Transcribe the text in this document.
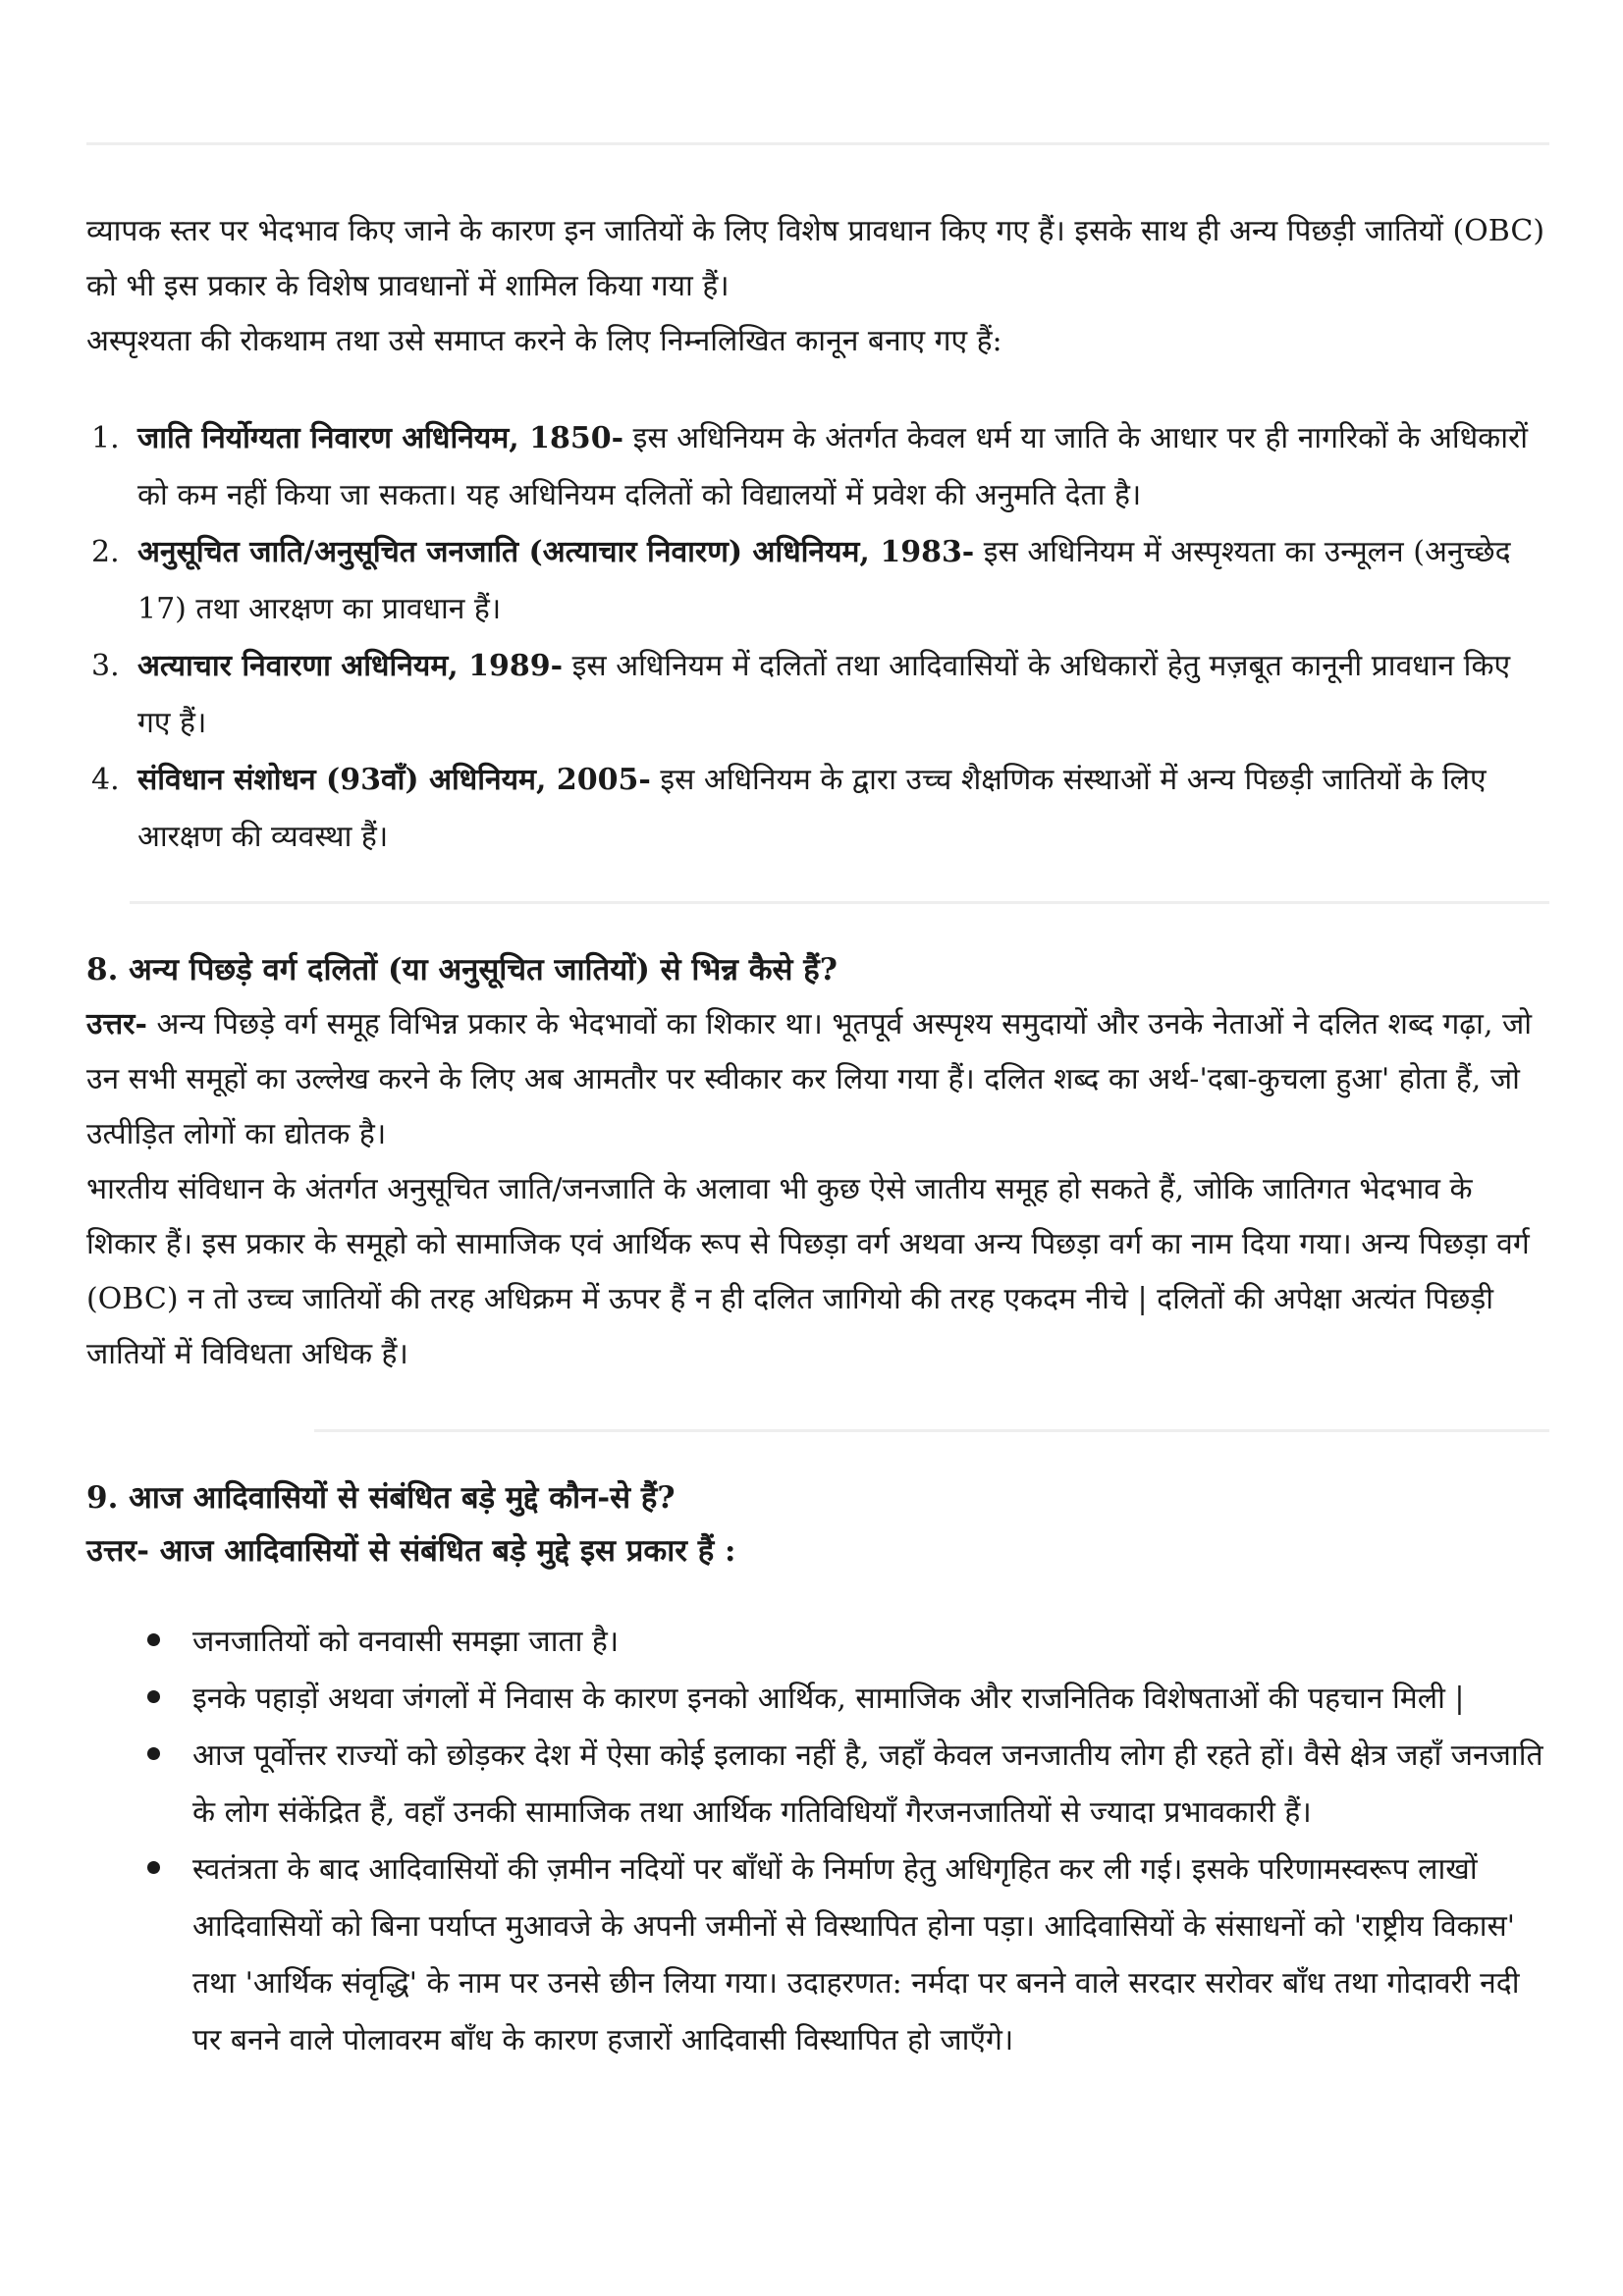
व्यापक स्तर पर भेदभाव किए जाने के कारण इन जातियों के लिए विशेष प्रावधान किए गए हैं। इसके साथ ही अन्य पिछड़ी जातियों (OBC) को भी इस प्रकार के विशेष प्रावधानों में शामिल किया गया हैं।
अस्पृश्यता की रोकथाम तथा उसे समाप्त करने के लिए निम्नलिखित कानून बनाए गए हैं:

1. जाति निर्योग्यता निवारण अधिनियम, 1850- इस अधिनियम के अंतर्गत केवल धर्म या जाति के आधार पर ही नागरिकों के अधिकारों को कम नहीं किया जा सकता। यह अधिनियम दलितों को विद्यालयों में प्रवेश की अनुमति देता है।
2. अनुसूचित जाति/अनुसूचित जनजाति (अत्याचार निवारण) अधिनियम, 1983- इस अधिनियम में अस्पृश्यता का उन्मूलन (अनुच्छेद 17) तथा आरक्षण का प्रावधान हैं।
3. अत्याचार निवारणा अधिनियम, 1989- इस अधिनियम में दलितों तथा आदिवासियों के अधिकारों हेतु मज़बूत कानूनी प्रावधान किए गए हैं।
4. संविधान संशोधन (93वाँ) अधिनियम, 2005- इस अधिनियम के द्वारा उच्च शैक्षणिक संस्थाओं में अन्य पिछड़ी जातियों के लिए आरक्षण की व्यवस्था हैं।

8. अन्य पिछड़े वर्ग दलितों (या अनुसूचित जातियों) से भिन्न कैसे हैं?

उत्तर- अन्य पिछड़े वर्ग समूह विभिन्न प्रकार के भेदभावों का शिकार था। भूतपूर्व अस्पृश्य समुदायों और उनके नेताओं ने दलित शब्द गढ़ा, जो उन सभी समूहों का उल्लेख करने के लिए अब आमतौर पर स्वीकार कर लिया गया हैं। दलित शब्द का अर्थ-'दबा-कुचला हुआ' होता हैं, जो उत्पीड़ित लोगों का द्योतक है।

भारतीय संविधान के अंतर्गत अनुसूचित जाति/जनजाति के अलावा भी कुछ ऐसे जातीय समूह हो सकते हैं, जोकि जातिगत भेदभाव के शिकार हैं। इस प्रकार के समूहो को सामाजिक एवं आर्थिक रूप से पिछड़ा वर्ग अथवा अन्य पिछड़ा वर्ग का नाम दिया गया। अन्य पिछड़ा वर्ग (OBC) न तो उच्च जातियों की तरह अधिक्रम में ऊपर हैं न ही दलित जागियो की तरह एकदम नीचे | दलितों की अपेक्षा अत्यंत पिछड़ी जातियों में विविधता अधिक हैं।

9. आज आदिवासियों से संबंधित बड़े मुद्दे कौन-से हैं?

उत्तर- आज आदिवासियों से संबंधित बड़े मुद्दे इस प्रकार हैं :

जनजातियों को वनवासी समझा जाता है।
इनके पहाड़ों अथवा जंगलों में निवास के कारण इनको आर्थिक, सामाजिक और राजनितिक विशेषताओं की पहचान मिली |
आज पूर्वोत्तर राज्यों को छोड़कर देश में ऐसा कोई इलाका नहीं है, जहाँ केवल जनजातीय लोग ही रहते हों। वैसे क्षेत्र जहाँ जनजाति के लोग संकेंद्रित हैं, वहाँ उनकी सामाजिक तथा आर्थिक गतिविधियाँ गैरजनजातियों से ज्यादा प्रभावकारी हैं।
स्वतंत्रता के बाद आदिवासियों की ज़मीन नदियों पर बाँधों के निर्माण हेतु अधिगृहित कर ली गई। इसके परिणामस्वरूप लाखों आदिवासियों को बिना पर्याप्त मुआवजे के अपनी जमीनों से विस्थापित होना पड़ा। आदिवासियों के संसाधनों को 'राष्ट्रीय विकास' तथा 'आर्थिक संवृद्धि' के नाम पर उनसे छीन लिया गया। उदाहरणत: नर्मदा पर बनने वाले सरदार सरोवर बाँध तथा गोदावरी नदी पर बनने वाले पोलावरम बाँध के कारण हजारों आदिवासी विस्थापित हो जाएँगे।
